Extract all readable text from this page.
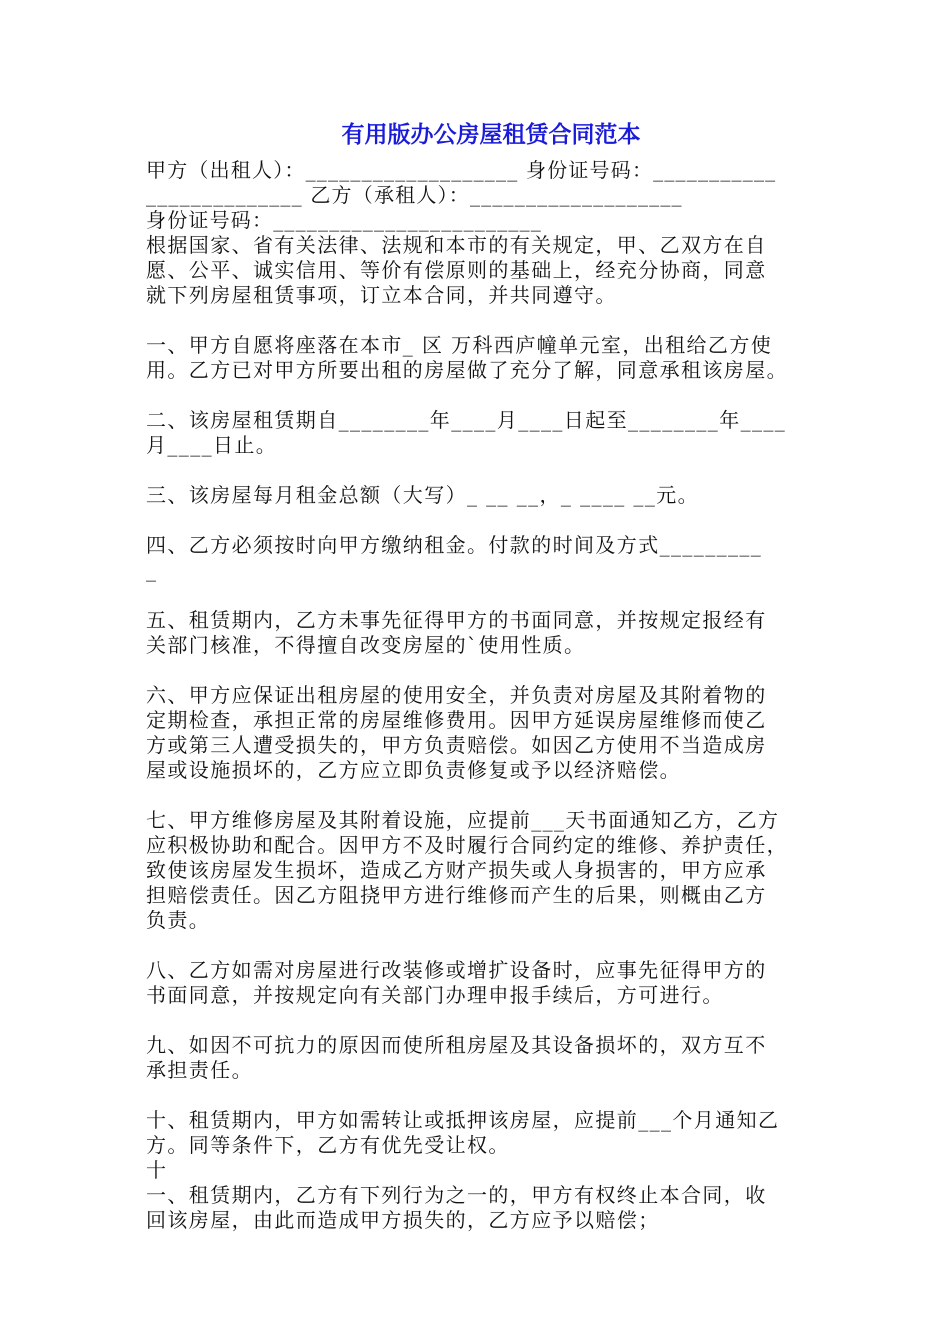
有用版办公房屋租赁合同范本
甲方（出租人）：___________________ 身份证号码：___________
______________ 乙方（承租人）：___________________
身份证号码：________________________
根据国家、省有关法律、法规和本市的有关规定，甲、乙双方在自
愿、公平、诚实信用、等价有偿原则的基础上，经充分协商，同意
就下列房屋租赁事项，订立本合同，并共同遵守。
一、甲方自愿将座落在本市_ 区 万科西庐幢单元室，出租给乙方使
用。乙方已对甲方所要出租的房屋做了充分了解，同意承租该房屋。
二、该房屋租赁期自________年____月____日起至________年____
月____日止。
三、该房屋每月租金总额（大写）_ __ __，_ ____ __元。
四、乙方必须按时向甲方缴纳租金。付款的时间及方式_________
_
五、租赁期内，乙方未事先征得甲方的书面同意，并按规定报经有
关部门核准，不得擅自改变房屋的`使用性质。
六、甲方应保证出租房屋的使用安全，并负责对房屋及其附着物的
定期检查，承担正常的房屋维修费用。因甲方延误房屋维修而使乙
方或第三人遭受损失的，甲方负责赔偿。如因乙方使用不当造成房
屋或设施损坏的，乙方应立即负责修复或予以经济赔偿。
七、甲方维修房屋及其附着设施，应提前___天书面通知乙方，乙方
应积极协助和配合。因甲方不及时履行合同约定的维修、养护责任，
致使该房屋发生损坏，造成乙方财产损失或人身损害的，甲方应承
担赔偿责任。因乙方阻挠甲方进行维修而产生的后果，则概由乙方
负责。
八、乙方如需对房屋进行改装修或增扩设备时，应事先征得甲方的
书面同意，并按规定向有关部门办理申报手续后，方可进行。
九、如因不可抗力的原因而使所租房屋及其设备损坏的，双方互不
承担责任。
十、租赁期内，甲方如需转让或抵押该房屋，应提前___个月通知乙
方。同等条件下，乙方有优先受让权。
十
一、租赁期内，乙方有下列行为之一的，甲方有权终止本合同，收
回该房屋，由此而造成甲方损失的，乙方应予以赔偿；
